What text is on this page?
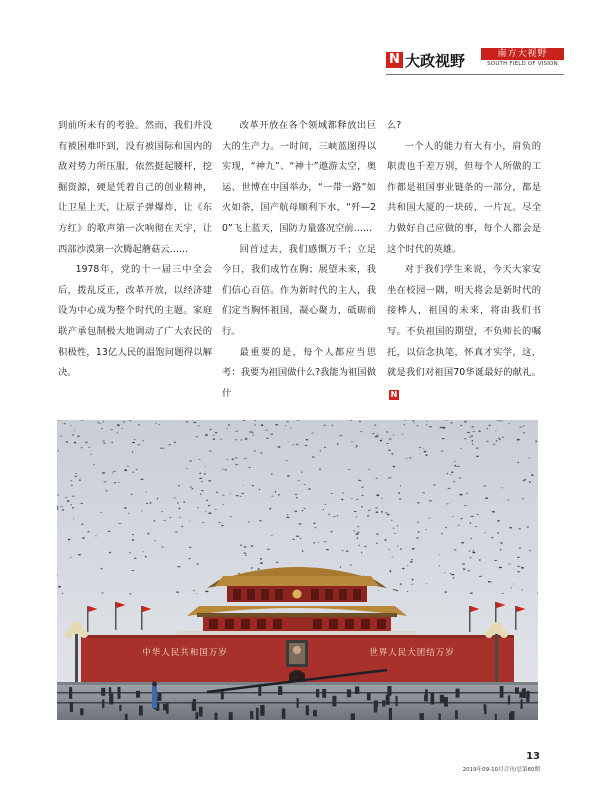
N 大政视野	南方大视野
SOUTH FIELD OF VISION

到前所未有的考验。然而，我们并没有被困难吓到，没有被国际和国内的敌对势力所压服，依然挺起腰杆，挖掘资源，硬是凭着自己的创业精神，让卫星上天，让原子弹爆炸，让《东方红》的歌声第一次响彻在天宇，让西部沙漠第一次腾起蘑菇云……

1978年，党的十一届三中全会后，拨乱反正，改革开放，以经济建设为中心成为整个时代的主题。家庭联产承包制极大地调动了广大农民的积极性，13亿人民的温饱问题得以解决。

改革开放在各个领域都释放出巨大的生产力。一时间，三峡蓝图得以实现，“神九”、“神十”遨游太空，奥运、世博在中国举办，“一带一路”如火如荼，国产航母顺利下水，“歼—20”飞上蓝天，国防力量盛况空前……

回首过去，我们感慨万千；立足今日，我们成竹在胸；展望未来，我们信心百倍。作为新时代的主人，我们定当胸怀祖国，凝心聚力，砥砺前行。

最重要的是，每个人都应当思考：我要为祖国做什么?我能为祖国做什

么?

一个人的能力有大有小，肩负的职责也千差万别，但每个人所做的工作都是祖国事业链条的一部分，都是共和国大厦的一块砖，一片瓦。尽全力做好自己应做的事，每个人都会是这个时代的英雄。

对于我们学生来说，今天大家安坐在校园一隅，明天将会是新时代的接棒人，祖国的未来，将由我们书写。不负祖国的期望，不负师长的嘱托，以信念执笔，怀真才实学，这，就是我们对祖国70华诞最好的献礼。N

中华人民共和国万岁	世界人民大团结万岁
13
2019年09-10月合刊/总第60期
